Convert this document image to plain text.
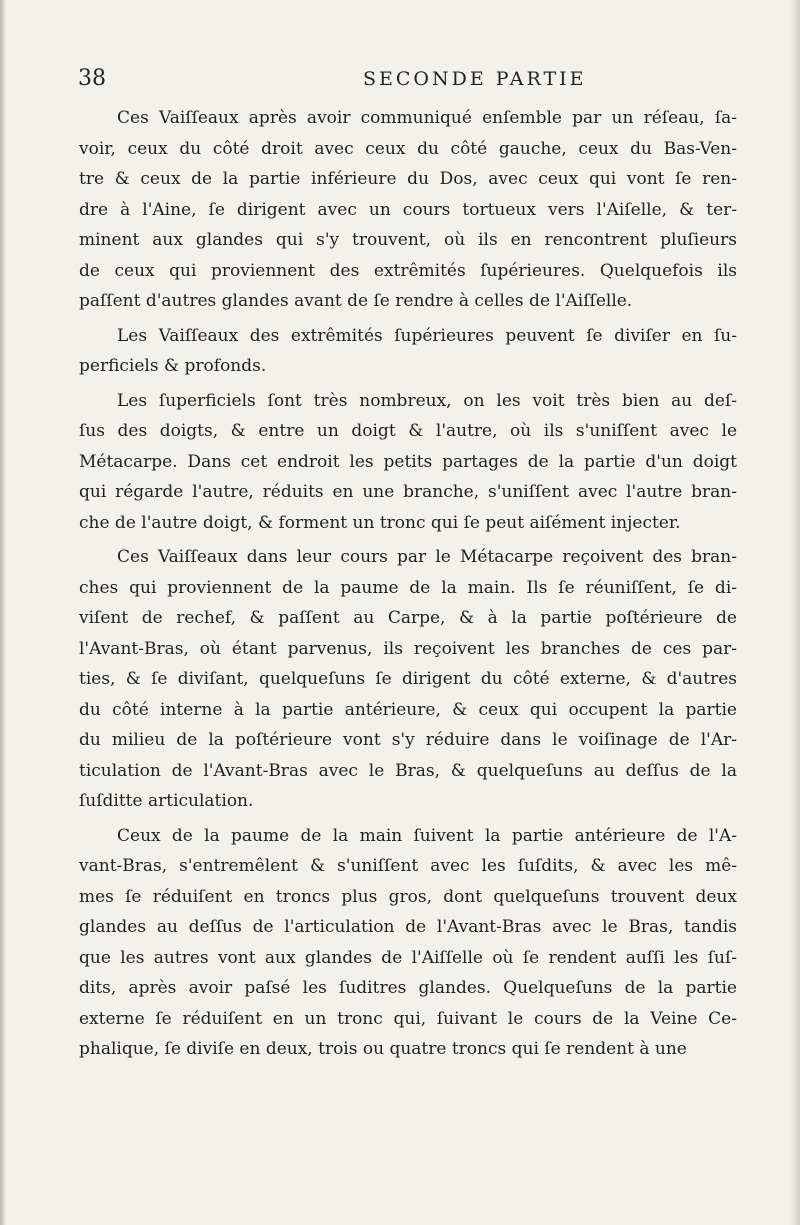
38	SECONDE PARTIE
Ces Vaiſſeaux après avoir communiqué enſemble par un réſeau, ſa-
voir, ceux du côté droit avec ceux du côté gauche, ceux du Bas-Ven-
tre & ceux de la partie inférieure du Dos, avec ceux qui vont ſe ren-
dre à l'Aine, ſe dirigent avec un cours tortueux vers l'Aiſelle, & ter-
minent aux glandes qui s'y trouvent, où ils en rencontrent pluſieurs
de ceux qui proviennent des extrêmités ſupérieures. Quelquefois ils
paſſent d'autres glandes avant de ſe rendre à celles de l'Aiſſelle.
Les Vaiſſeaux des extrêmités ſupérieures peuvent ſe diviſer en ſu-
perficiels & profonds.
Les ſuperficiels ſont très nombreux, on les voit très bien au deſ-
ſus des doigts, & entre un doigt & l'autre, où ils s'uniſſent avec le
Métacarpe. Dans cet endroit les petits partages de la partie d'un doigt
qui régarde l'autre, réduits en une branche, s'uniſſent avec l'autre bran-
che de l'autre doigt, & forment un tronc qui ſe peut aiſément injecter.
Ces Vaiſſeaux dans leur cours par le Métacarpe reçoivent des bran-
ches qui proviennent de la paume de la main. Ils ſe réuniſſent, ſe di-
viſent de rechef, & paſſent au Carpe, & à la partie poſtérieure de
l'Avant-Bras, où étant parvenus, ils reçoivent les branches de ces par-
ties, & ſe diviſant, quelqueſuns ſe dirigent du côté externe, & d'autres
du côté interne à la partie antérieure, & ceux qui occupent la partie
du milieu de la poſtérieure vont s'y réduire dans le voiſinage de l'Ar-
ticulation de l'Avant-Bras avec le Bras, & quelqueſuns au deſſus de la
ſuſditte articulation.
Ceux de la paume de la main ſuivent la partie antérieure de l'A-
vant-Bras, s'entremêlent & s'uniſſent avec les ſuſdits, & avec les mê-
mes ſe réduiſent en troncs plus gros, dont quelqueſuns trouvent deux
glandes au deſſus de l'articulation de l'Avant-Bras avec le Bras, tandis
que les autres vont aux glandes de l'Aiſſelle où ſe rendent auſſi les ſuſ-
dits, après avoir paſsé les ſuditres glandes. Quelqueſuns de la partie
externe ſe réduiſent en un tronc qui, ſuivant le cours de la Veine Ce-
phalique, ſe diviſe en deux, trois ou quatre troncs qui ſe rendent à une
